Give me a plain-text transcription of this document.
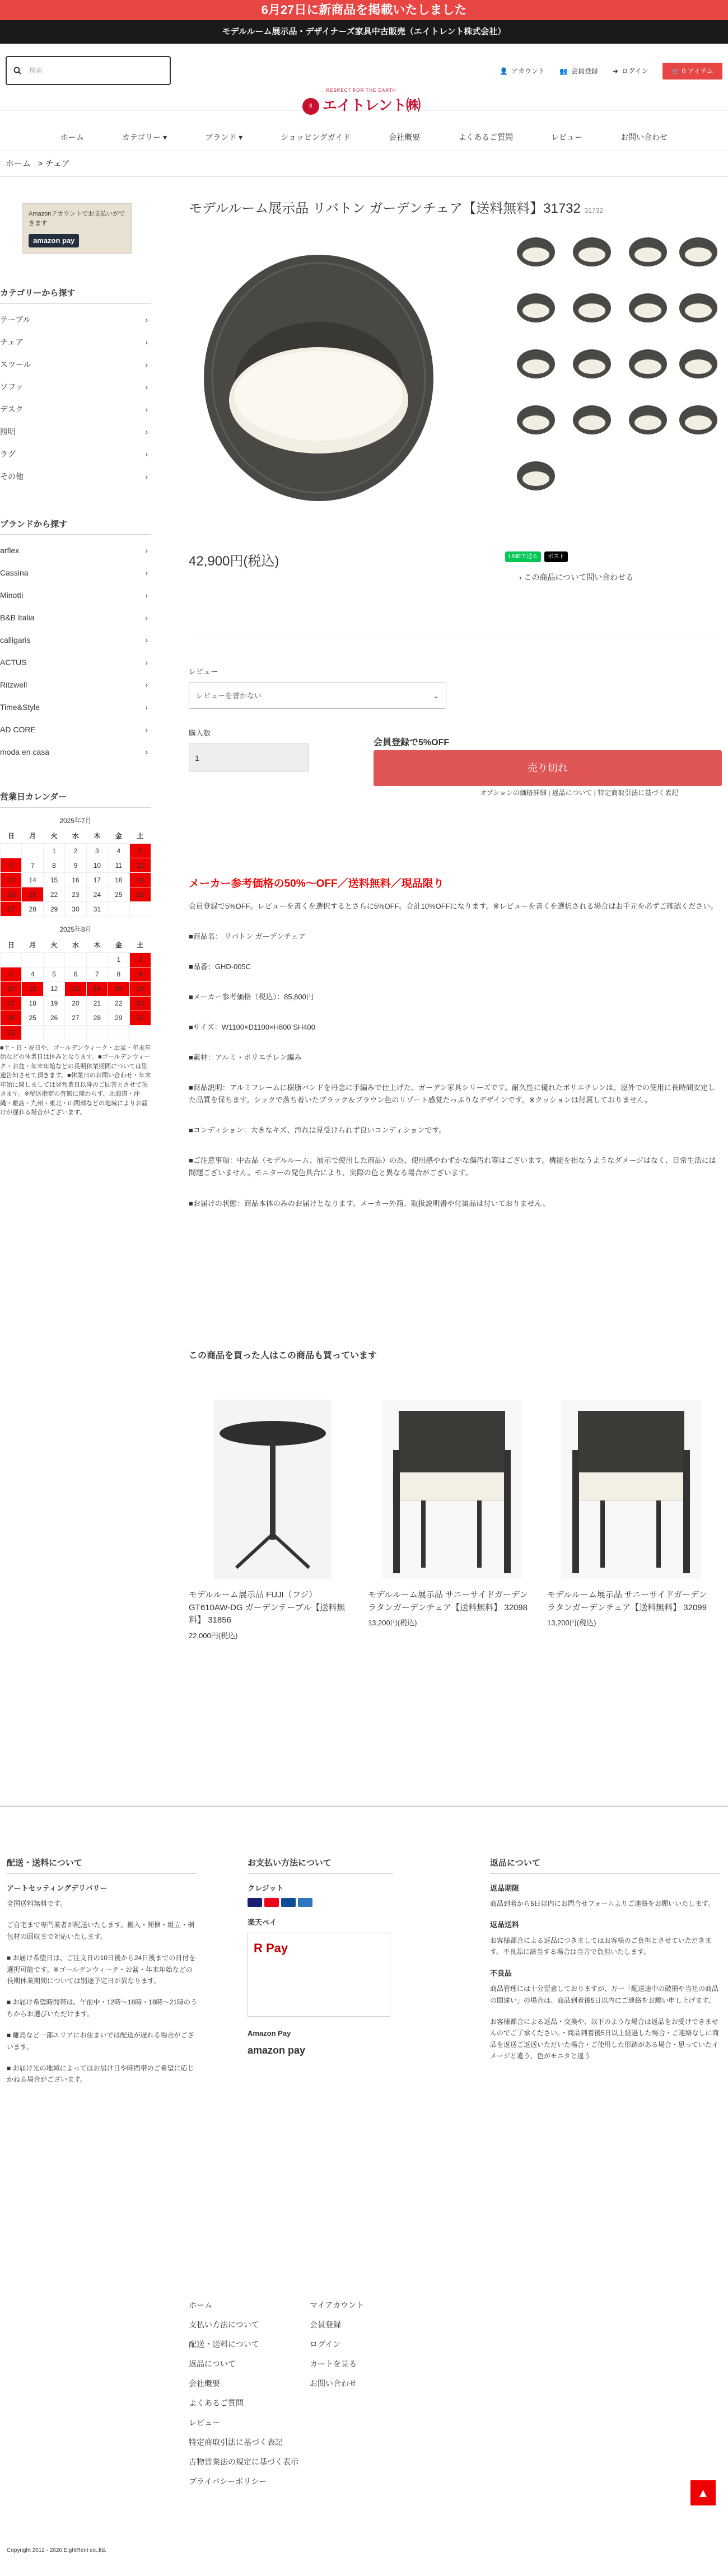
6月27日に新商品を掲載いたしました
モデルルーム展示品・デザイナーズ家具中古販売（エイトレント株式会社）
検索	👤 アカウント 👥 会員登録 ➜ ログイン	🛒 0 アイテム
RESPECT FOR THE EARTH
8 エイトレント㈱
ホーム	カテゴリー ▾	ブランド ▾	ショッピングガイド	会社概要	よくあるご質問	レビュー	お問い合わせ
ホーム > チェア
Amazonアカウントでお支払いができます
amazon pay
カテゴリーから探す
テーブル	›
チェア	›
スツール	›
ソファ	›
デスク	›
照明	›
ラグ	›
その他	›
ブランドから探す
arflex	›
Cassina	›
Minotti	›
B&B Italia	›
calligaris	›
ACTUS	›
Ritzwell	›
Time&Style	›
AD CORE	›
moda en casa	›
営業日カレンダー
2025年7月
日	月	火	水	木	金	土
		1	2	3	4	5
6	7	8	9	10	11	12
13	14	15	16	17	18	19
20	21	22	23	24	25	26
27	28	29	30	31		
2025年8月
日	月	火	水	木	金	土
					1	2
3	4	5	6	7	8	9
10	11	12	13	14	15	16
17	18	19	20	21	22	23
24	25	26	27	28	29	30
31						
■土・日・祝日や、ゴールデンウィーク・お盆・年末年始などの休業日は休みとなります。■ゴールデンウィーク・お盆・年末年始などの長期休業期間については別途告知させて頂きます。■休業日のお問い合わせ・年末年始に関しましては翌営業日以降のご回答とさせて頂きます。※配送指定の有無に関わらず、北海道・沖縄・離島・九州・東北・山間部などの地域によりお届けが遅れる場合がございます。
モデルルーム展示品 リバトン ガーデンチェア【送料無料】31732 31732
42,900円(税込)	LINEで送る	ポスト
› この商品について問い合わせる
レビュー
レビューを書かない	⌄
購入数
1
会員登録で5%OFF
売り切れ
オプションの価格詳細 | 返品について | 特定商取引法に基づく表記
メーカー参考価格の50%〜OFF／送料無料／現品限り

会員登録で5%OFF。レビューを書くを選択するとさらに5%OFF。合計10%OFFになります。※レビューを書くを選択される場合はお手元を必ずご確認ください。

■商品名： リバトン ガーデンチェア

■品番：GHD-005C

■メーカー参考価格（税込）：85,800円

■サイズ：W1100×D1100×H800 SH400

■素材：アルミ・ポリエチレン編み

■商品説明：アルミフレームに樹脂バンドを丹念に手編みで仕上げた、ガーデン家具シリーズです。耐久性に優れたポリエチレンは、屋外での使用に長時間安定した品質を保ちます。シックで落ち着いたブラック＆ブラウン色のリゾート感覚たっぷりなデザインです。※クッションは付属しておりません。

■コンディション：大きなキズ、汚れは見受けられず良いコンディションです。

■ご注意事項：中古品（モデルルーム、展示で使用した商品）の為、使用感やわずかな傷汚れ等はございます。機能を損なうようなダメージはなく、日常生活には問題ございません。モニターの発色具合により、実際の色と異なる場合がございます。

■お届けの状態：商品本体のみのお届けとなります。メーカー外箱、取扱説明書や付属品は付いておりません。

この商品を買った人はこの商品も買っています
モデルルーム展示品 FUJI（フジ） GT610AW-DG ガーデンテーブル【送料無料】 31856
22,000円(税込)
モデルルーム展示品 サニーサイドガーデン ラタンガーデンチェア【送料無料】 32098
13,200円(税込)
モデルルーム展示品 サニーサイドガーデン ラタンガーデンチェア【送料無料】 32099
13,200円(税込)
配送・送料について
アートセッティングデリバリー

全国送料無料です。

ご自宅まで専門業者が配送いたします。搬入・開梱・組立・梱包材の回収まで対応いたします。

■ お届け希望日は、ご注文日の10日後から24日後までの日付を選択可能です。※ゴールデンウィーク・お盆・年末年始などの長期休業期間については別途予定日が異なります。

■ お届け希望時間帯は、午前中・12時〜18時・18時〜21時のうちからお選びいただけます。

■ 離島など一部エリアにお住まいでは配送が遅れる場合がございます。

■ お届け先の地域によってはお届け日や時間帯のご希望に応じかねる場合がございます。

お支払い方法について
クレジット
楽天ペイ
R Pay
Amazon Pay
amazon pay
返品について
返品期限

商品到着から5日以内にお問合せフォームよりご連絡をお願いいたします。

返品送料

お客様都合による返品につきましてはお客様のご負担とさせていただきます。不良品に該当する場合は当方で負担いたします。

不良品

商品管理には十分留意しておりますが、万一「配送途中の破損や当社の商品の間違い」の場合は、商品到着後5日以内にご連絡をお願い申し上げます。

お客様都合による返品・交換や、以下のような場合は返品をお受けできませんのでご了承ください。・商品到着後5日以上経過した場合・ご連絡なしに商品を返送ご返送いただいた場合・ご使用した形跡がある場合・思っていたイメージと違う、色がモニタと違う

ホーム
支払い方法について
配送・送料について
返品について
会社概要
よくあるご質問
レビュー
特定商取引法に基づく表記
古物営業法の規定に基づく表示
プライバシーポリシー
マイアカウント
会員登録
ログイン
カートを見る
お問い合わせ
▲
Copyright 2012 - 2020 EightRent co.,ltd.
